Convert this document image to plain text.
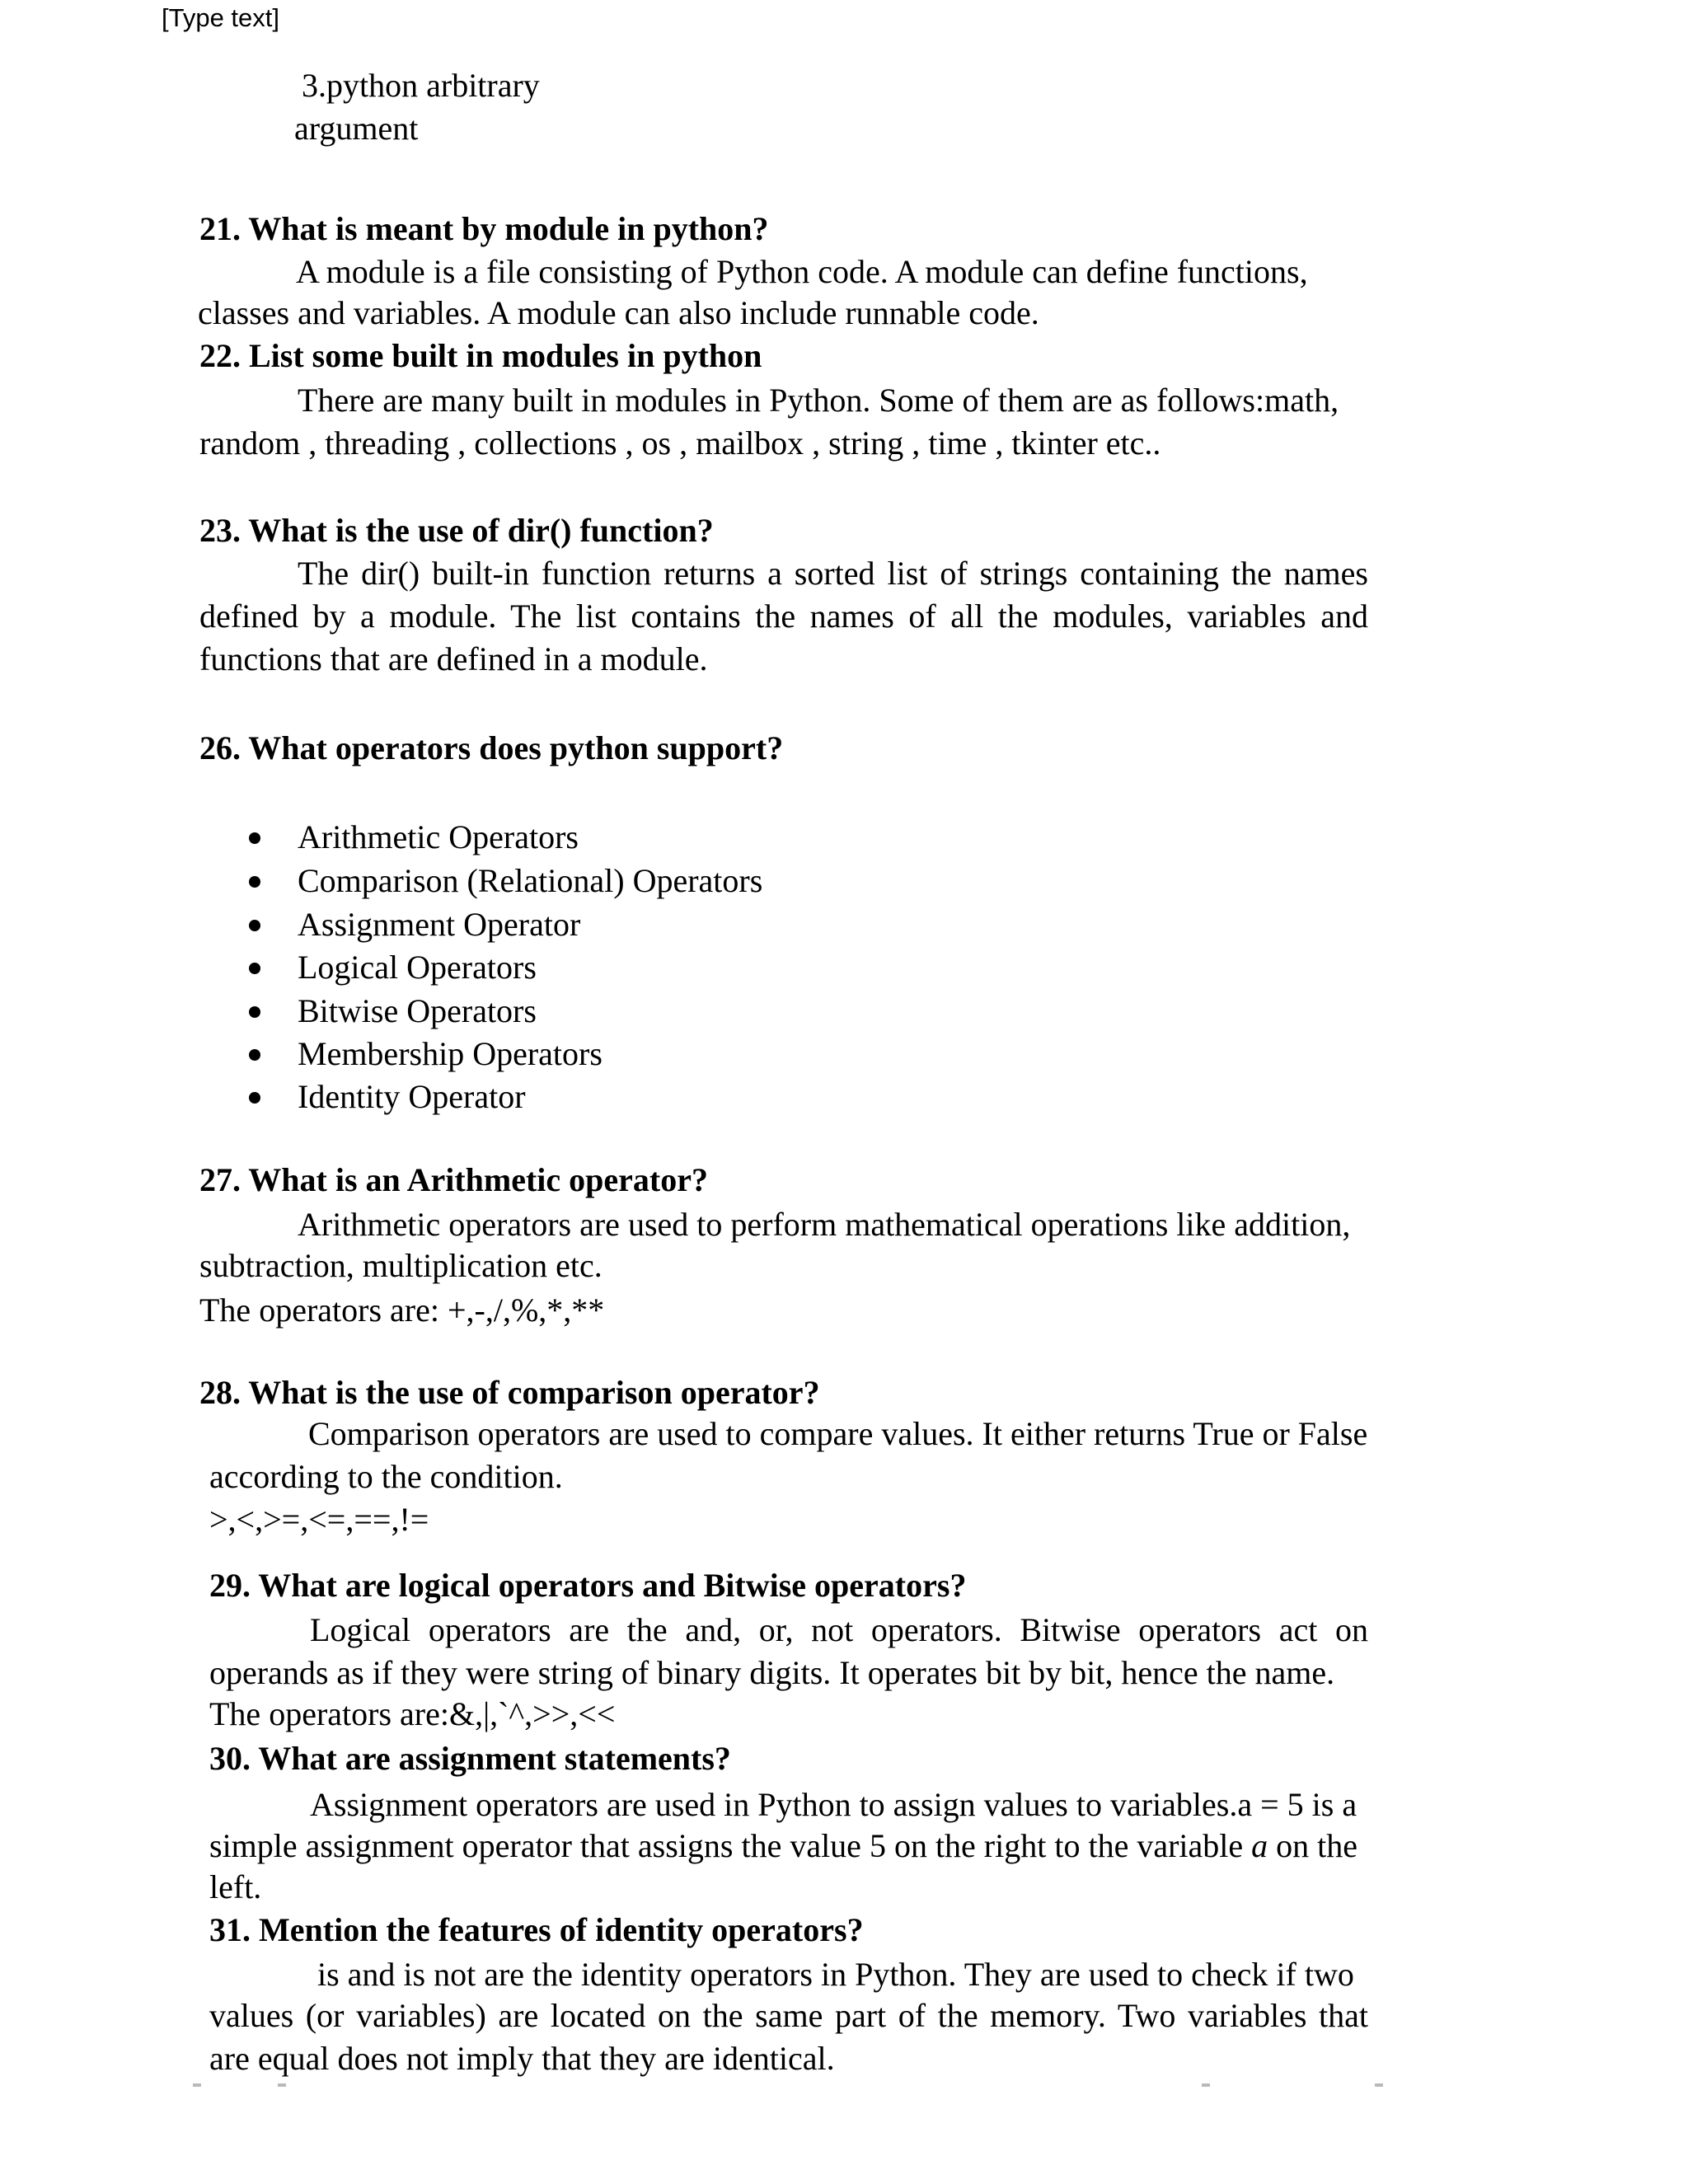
[Type text]
3.python arbitrary
argument
21. What is meant by module in python?
A module is a file consisting of Python code. A module can define functions,
classes and variables. A module can also include runnable code.
22. List some built in modules in python
There are many built in modules in Python. Some of them are as follows:math,
random , threading , collections , os , mailbox , string , time , tkinter etc..
23. What is the use of dir() function?
The dir() built-in function returns a sorted list of strings containing the names
defined by a module. The list contains the names of all the modules, variables and
functions that are defined in a module.
26. What operators does python support?
Arithmetic Operators
Comparison (Relational) Operators
Assignment Operator
Logical Operators
Bitwise Operators
Membership Operators
Identity Operator
27. What is an Arithmetic operator?
Arithmetic operators are used to perform mathematical operations like addition,
subtraction, multiplication etc.
The operators are: +,-,/,%,*,**
28. What is the use of comparison operator?
Comparison operators are used to compare values. It either returns True or False
according to the condition.
>,<,>=,<=,==,!=
29. What are logical operators and Bitwise operators?
Logical operators are the and, or, not operators. Bitwise operators act on
operands as if they were string of binary digits. It operates bit by bit, hence the name.
The operators are:&,|,`^,>>,<<
30. What are assignment statements?
Assignment operators are used in Python to assign values to variables.a = 5 is a
simple assignment operator that assigns the value 5 on the right to the variable a on the
left.
31. Mention the features of identity operators?
is and is not are the identity operators in Python. They are used to check if two
values (or variables) are located on the same part of the memory. Two variables that
are equal does not imply that they are identical.
